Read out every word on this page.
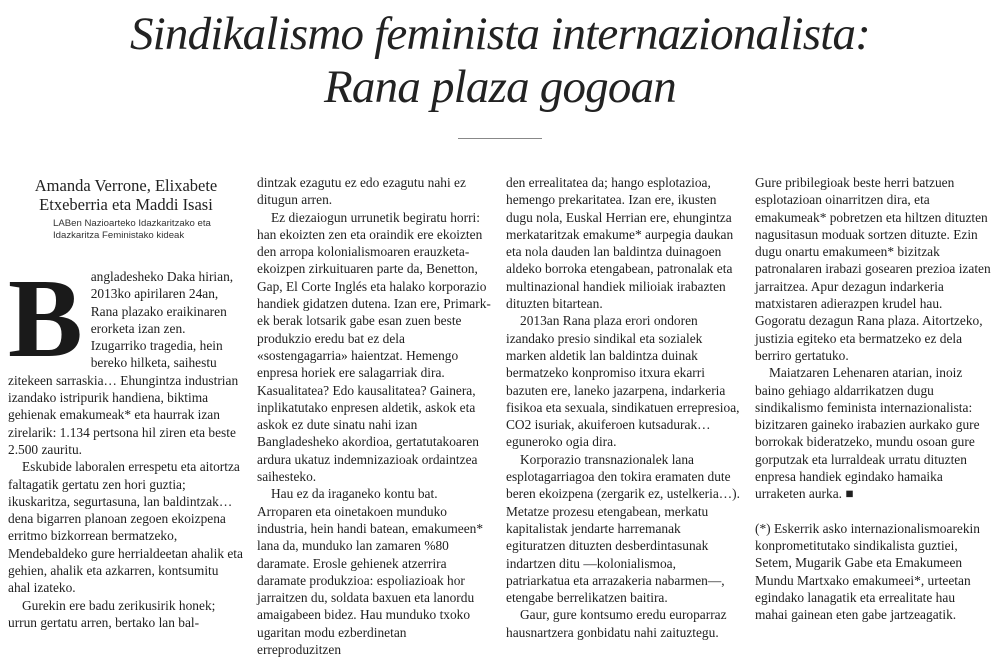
Sindikalismo feminista internazionalista:
Rana plaza gogoan

Amanda Verrone, Elixabete Etxeberria eta Maddi Isasi

LABen Nazioarteko Idazkaritzako eta Idazkaritza Feministako kideak
B angladesheko Daka hirian, 2013ko apirilaren 24an, Rana plazako eraikinaren erorketa izan zen. Izugarriko tragedia, hein bereko hilketa, saihestu zitekeen sarraskia… Ehungintza industrian izandako istripurik handiena, biktima gehienak emakumeak* eta haurrak izan zirelarik: 1.134 pertsona hil ziren eta beste 2.500 zauritu.

Eskubide laboralen errespetu eta aitortza faltagatik gertatu zen hori guztia; ikuskaritza, segurtasuna, lan baldintzak… dena bigarren planoan zegoen ekoizpena erritmo bizkorrean bermatzeko, Mendebaldeko gure herrialdeetan ahalik eta gehien, ahalik eta azkarren, kontsumitu ahal izateko.

Gurekin ere badu zerikusirik honek; urrun gertatu arren, bertako lan bal-

dintzak ezagutu ez edo ezagutu nahi ez ditugun arren.

Ez diezaiogun urrunetik begiratu horri: han ekoizten zen eta oraindik ere ekoizten den arropa kolonialismoaren erauzketa-ekoizpen zirkuituaren parte da, Benetton, Gap, El Corte Inglés eta halako korporazio handiek gidatzen dutena. Izan ere, Primark-ek berak lotsarik gabe esan zuen beste produkzio eredu bat ez dela «sostengagarria» haientzat. Hemengo enpresa horiek ere salagarriak dira. Kasualitatea? Edo kausalitatea? Gainera, inplikatutako enpresen aldetik, askok eta askok ez dute sinatu nahi izan Bangladesheko akordioa, gertatutakoaren ardura ukatuz indemnizazioak ordaintzea saihesteko.

Hau ez da iraganeko kontu bat. Arroparen eta oinetakoen munduko industria, hein handi batean, emakumeen* lana da, munduko lan zamaren %80 daramate. Erosle gehienek atzerrira daramate produkzioa: espoliazioak hor jarraitzen du, soldata baxuen eta lanordu amaigabeen bidez. Hau munduko txoko ugaritan modu ezberdinetan erreproduzitzen

den errealitatea da; hango esplotazioa, hemengo prekaritatea. Izan ere, ikusten dugu nola, Euskal Herrian ere, ehungintza merkataritzak emakume* aurpegia daukan eta nola dauden lan baldintza duinagoen aldeko borroka etengabean, patronalak eta multinazional handiek milioiak irabazten dituzten bitartean.

2013an Rana plaza erori ondoren izandako presio sindikal eta sozialek marken aldetik lan baldintza duinak bermatzeko konpromiso itxura ekarri bazuten ere, laneko jazarpena, indarkeria fisikoa eta sexuala, sindikatuen errepresioa, CO2 isuriak, akuiferoen kutsadurak… eguneroko ogia dira.

Korporazio transnazionalek lana esplotagarriagoa den tokira eramaten dute beren ekoizpena (zergarik ez, ustelkeria…). Metatze prozesu etengabean, merkatu kapitalistak jendarte harremanak egituratzen dituzten desberdintasunak indartzen ditu —kolonialismoa, patriarkatua eta arrazakeria nabarmen—, etengabe berrelikatzen baitira.

Gaur, gure kontsumo eredu europarraz hausnartzera gonbidatu nahi zaituztegu.

Gure pribilegioak beste herri batzuen esplotazioan oinarritzen dira, eta emakumeak* pobretzen eta hiltzen dituzten nagusitasun moduak sortzen dituzte. Ezin dugu onartu emakumeen* bizitzak patronalaren irabazi gosearen prezioa izaten jarraitzea. Apur dezagun indarkeria matxistaren adierazpen krudel hau. Gogoratu dezagun Rana plaza. Aitortzeko, justizia egiteko eta bermatzeko ez dela berriro gertatuko.

Maiatzaren Lehenaren atarian, inoiz baino gehiago aldarrikatzen dugu sindikalismo feminista internazionalista: bizitzaren gaineko irabazien aurkako gure borrokak bideratzeko, mundu osoan gure gorputzak eta lurraldeak urratu dituzten enpresa handiek egindako hamaika urraketen aurka. ■

(*) Eskerrik asko internazionalismoarekin konprometitutako sindikalista guztiei, Setem, Mugarik Gabe eta Emakumeen Mundu Martxako emakumeei*, urteetan egindako lanagatik eta errealitate hau mahai gainean eten gabe jartzeagatik.
